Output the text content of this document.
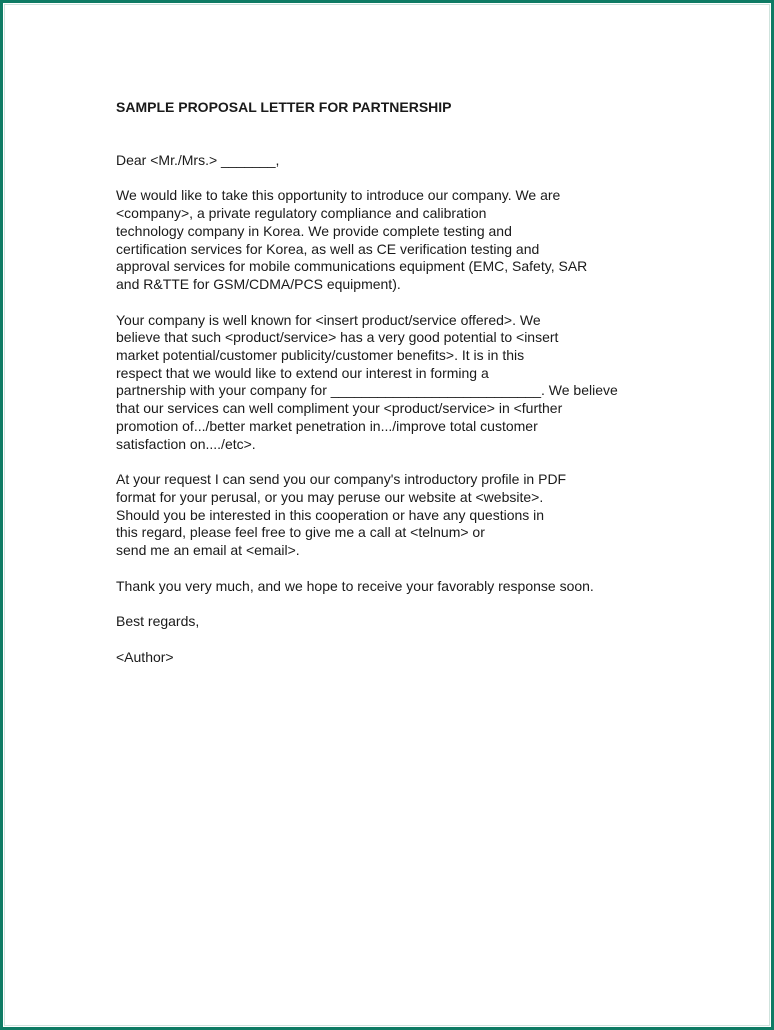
SAMPLE PROPOSAL LETTER FOR PARTNERSHIP
Dear <Mr./Mrs.> _______,
We would like to take this opportunity to introduce our company. We are
<company>, a private regulatory compliance and calibration
technology company in Korea. We provide complete testing and
certification services for Korea, as well as CE verification testing and
approval services for mobile communications equipment (EMC, Safety, SAR
and R&TTE for GSM/CDMA/PCS equipment).
Your company is well known for <insert product/service offered>. We
believe that such <product/service> has a very good potential to <insert
market potential/customer publicity/customer benefits>. It is in this
respect that we would like to extend our interest in forming a
partnership with your company for ___________________________. We believe
that our services can well compliment your <product/service> in <further
promotion of.../better market penetration in.../improve total customer
satisfaction on..../etc>.
At your request I can send you our company's introductory profile in PDF
format for your perusal, or you may peruse our website at <website>.
Should you be interested in this cooperation or have any questions in
this regard, please feel free to give me a call at <telnum> or
send me an email at <email>.
Thank you very much, and we hope to receive your favorably response soon.
Best regards,
<Author>
